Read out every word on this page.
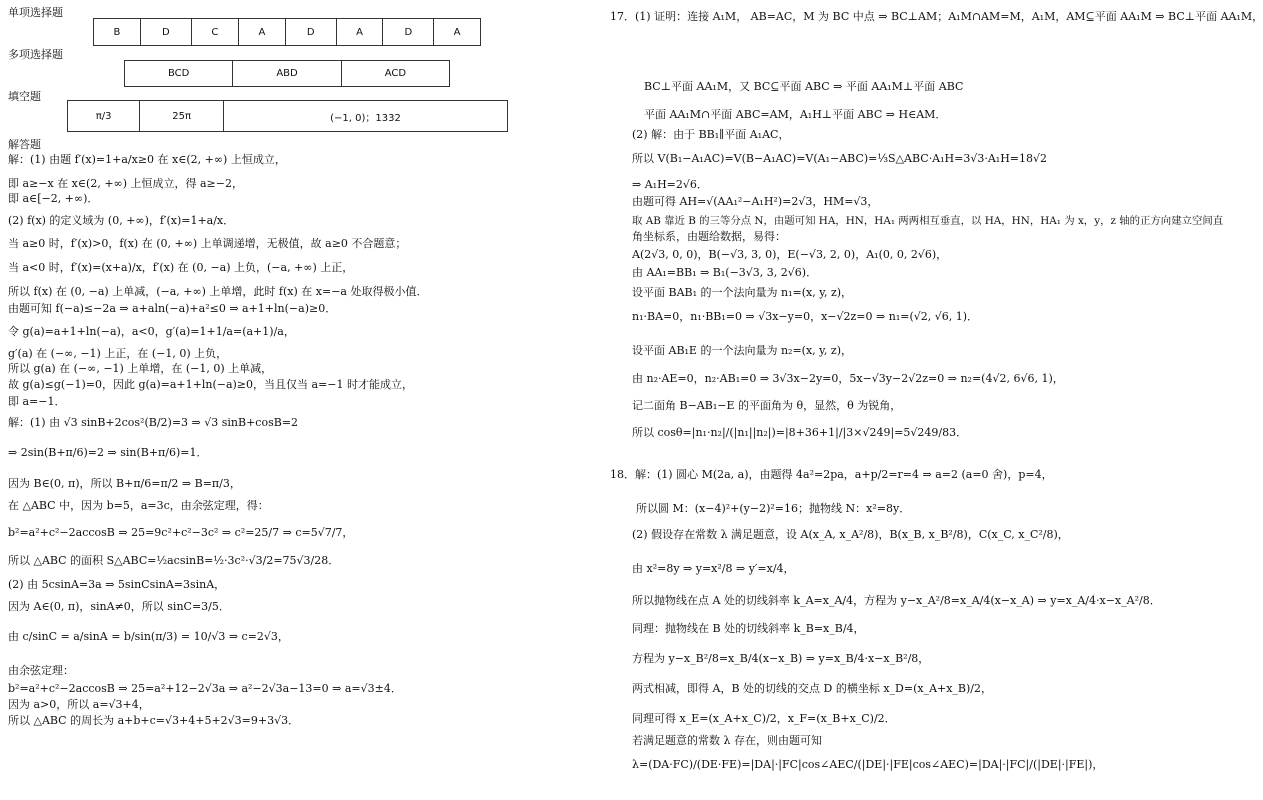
单项选择题
B	D	C	A	D	A	D	A
多项选择题
BCD	ABD	ACD
填空题
π/3	25π	(−1, 0)；1332
解答题
解：(1) 由题 f′(x)=1+a/x≥0 在 x∈(2, +∞) 上恒成立，
即 a≥−x 在 x∈(2, +∞) 上恒成立，得 a≥−2，
即 a∈[−2, +∞)．
(2) f(x) 的定义域为 (0, +∞)，f′(x)=1+a/x．
当 a≥0 时，f′(x)>0，f(x) 在 (0, +∞) 上单调递增，无极值，故 a≥0 不合题意；
当 a<0 时，f′(x)=(x+a)/x，f′(x) 在 (0, −a) 上负，(−a, +∞) 上正，
所以 f(x) 在 (0, −a) 上单减，(−a, +∞) 上单增，此时 f(x) 在 x=−a 处取得极小值．
由题可知 f(−a)≤−2a ⇒ a+aln(−a)+a²≤0 ⇒ a+1+ln(−a)≥0．
令 g(a)=a+1+ln(−a)，a<0，g′(a)=1+1/a=(a+1)/a，
g′(a) 在 (−∞, −1) 上正，在 (−1, 0) 上负，
所以 g(a) 在 (−∞, −1) 上单增，在 (−1, 0) 上单减，
故 g(a)≤g(−1)=0，因此 g(a)=a+1+ln(−a)≥0，当且仅当 a=−1 时才能成立，
即 a=−1．
解：(1) 由 √3 sinB+2cos²(B/2)=3 ⇒ √3 sinB+cosB=2
⇒ 2sin(B+π/6)=2 ⇒ sin(B+π/6)=1．
因为 B∈(0, π)，所以 B+π/6=π/2 ⇒ B=π/3，
在 △ABC 中，因为 b=5，a=3c，由余弦定理，得：
b²=a²+c²−2accosB ⇒ 25=9c²+c²−3c² ⇒ c²=25/7 ⇒ c=5√7/7，
所以 △ABC 的面积 S△ABC=½acsinB=½·3c²·√3/2=75√3/28．
(2) 由 5csinA=3a ⇒ 5sinCsinA=3sinA，
因为 A∈(0, π)，sinA≠0，所以 sinC=3/5．
由 c/sinC = a/sinA = b/sin(π/3) = 10/√3 ⇒ c=2√3，
由余弦定理：
b²=a²+c²−2accosB ⇒ 25=a²+12−2√3a ⇒ a²−2√3a−13=0 ⇒ a=√3±4．
因为 a>0，所以 a=√3+4，
所以 △ABC 的周长为 a+b+c=√3+4+5+2√3=9+3√3．
17．(1) 证明：连接 A₁M， AB=AC，M 为 BC 中点 ⇒ BC⊥AM；A₁M∩AM=M，A₁M，AM⊆平面 AA₁M ⇒ BC⊥平面 AA₁M，
BC⊥平面 AA₁M，又 BC⊆平面 ABC ⇒ 平面 AA₁M⊥平面 ABC
平面 AA₁M∩平面 ABC=AM，A₁H⊥平面 ABC ⇒ H∈AM．
(2) 解：由于 BB₁∥平面 A₁AC，
所以 V(B₁−A₁AC)=V(B−A₁AC)=V(A₁−ABC)=⅓S△ABC·A₁H=3√3·A₁H=18√2
⇒ A₁H=2√6．
由题可得 AH=√(AA₁²−A₁H²)=2√3，HM=√3，
取 AB 靠近 B 的三等分点 N，由题可知 HA，HN，HA₁ 两两相互垂直，以 HA，HN，HA₁ 为 x，y，z 轴的正方向建立空间直
角坐标系，由题给数据，易得：
A(2√3, 0, 0)，B(−√3, 3, 0)，E(−√3, 2, 0)，A₁(0, 0, 2√6)，
由 AA₁=BB₁ ⇒ B₁(−3√3, 3, 2√6)．
设平面 BAB₁ 的一个法向量为 n₁=(x, y, z)，
n₁·BA=0，n₁·BB₁=0 ⇒ √3x−y=0，x−√2z=0 ⇒ n₁=(√2, √6, 1)．
设平面 AB₁E 的一个法向量为 n₂=(x, y, z)，
由 n₂·AE=0，n₂·AB₁=0 ⇒ 3√3x−2y=0，5x−√3y−2√2z=0 ⇒ n₂=(4√2, 6√6, 1)，
记二面角 B−AB₁−E 的平面角为 θ，显然，θ 为锐角，
所以 cosθ=|n₁·n₂|/(|n₁||n₂|)=|8+36+1|/|3×√249|=5√249/83．
18．解：(1) 圆心 M(2a, a)，由题得 4a²=2pa，a+p/2=r=4 ⇒ a=2 (a=0 舍)，p=4，
所以圆 M：(x−4)²+(y−2)²=16；抛物线 N：x²=8y．
(2) 假设存在常数 λ 满足题意，设 A(x_A, x_A²/8)，B(x_B, x_B²/8)，C(x_C, x_C²/8)，
由 x²=8y ⇒ y=x²/8 ⇒ y′=x/4，
所以抛物线在点 A 处的切线斜率 k_A=x_A/4，方程为 y−x_A²/8=x_A/4(x−x_A) ⇒ y=x_A/4·x−x_A²/8．
同理：抛物线在 B 处的切线斜率 k_B=x_B/4，
方程为 y−x_B²/8=x_B/4(x−x_B) ⇒ y=x_B/4·x−x_B²/8，
两式相减，即得 A，B 处的切线的交点 D 的横坐标 x_D=(x_A+x_B)/2，
同理可得 x_E=(x_A+x_C)/2，x_F=(x_B+x_C)/2．
若满足题意的常数 λ 存在，则由题可知
λ=(DA·FC)/(DE·FE)=|DA|·|FC|cos∠AEC/(|DE|·|FE|cos∠AEC)=|DA|·|FC|/(|DE|·|FE|)，
